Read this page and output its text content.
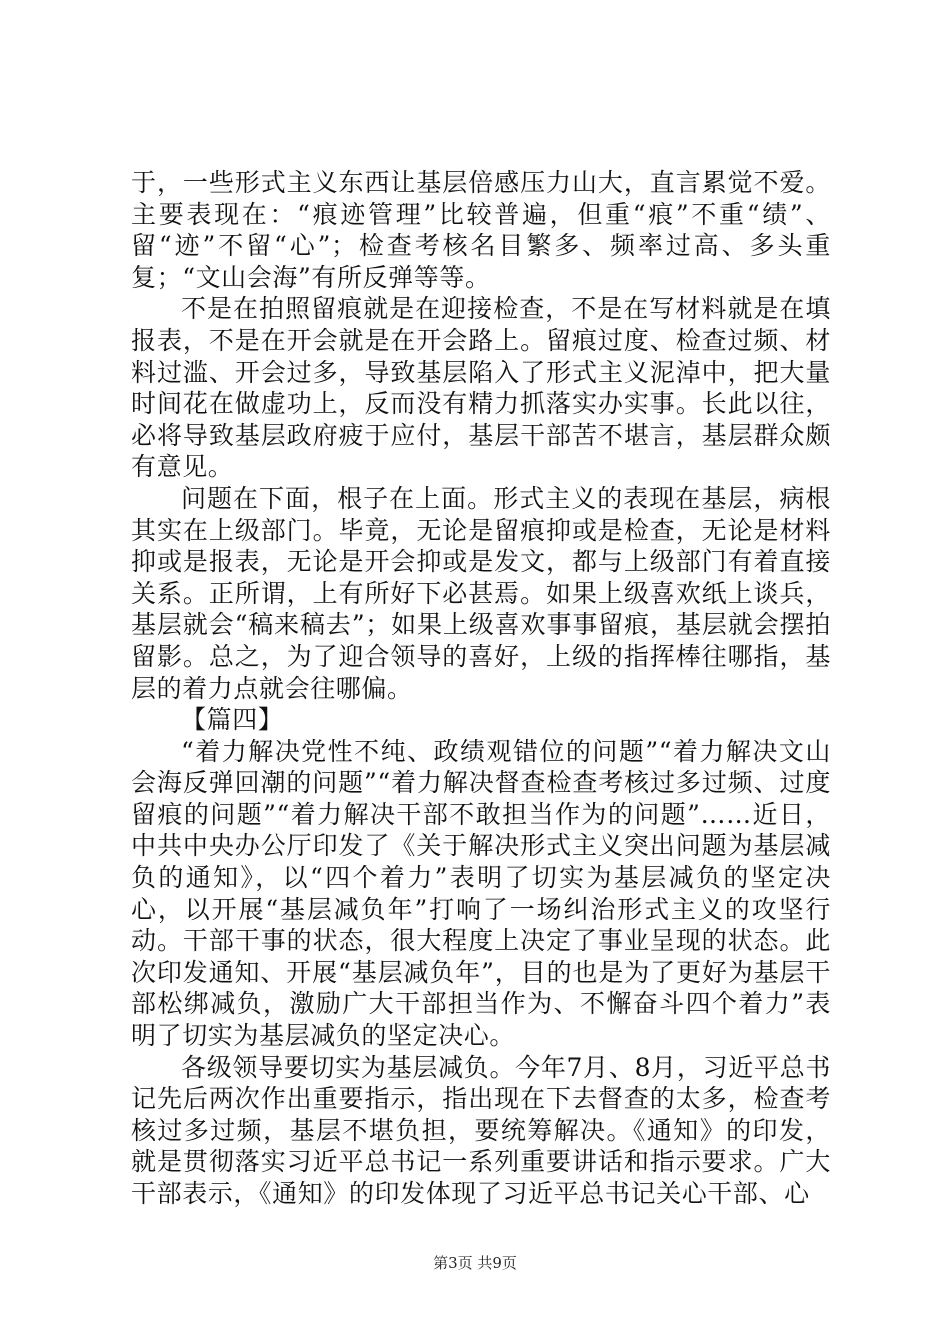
于，一些形式主义东西让基层倍感压力山大，直言累觉不爱。主要表现在：“痕迹管理”比较普遍，但重“痕”不重“绩”、留“迹”不留“心”；检查考核名目繁多、频率过高、多头重复；“文山会海”有所反弹等等。

不是在拍照留痕就是在迎接检查，不是在写材料就是在填报表，不是在开会就是在开会路上。留痕过度、检查过频、材料过滥、开会过多，导致基层陷入了形式主义泥淖中，把大量时间花在做虚功上，反而没有精力抓落实办实事。长此以往，必将导致基层政府疲于应付，基层干部苦不堪言，基层群众颇有意见。

问题在下面，根子在上面。形式主义的表现在基层，病根其实在上级部门。毕竟，无论是留痕抑或是检查，无论是材料抑或是报表，无论是开会抑或是发文，都与上级部门有着直接关系。正所谓，上有所好下必甚焉。如果上级喜欢纸上谈兵，基层就会“稿来稿去”；如果上级喜欢事事留痕，基层就会摆拍留影。总之，为了迎合领导的喜好，上级的指挥棒往哪指，基层的着力点就会往哪偏。

【篇四】

“着力解决党性不纯、政绩观错位的问题”“着力解决文山会海反弹回潮的问题”“着力解决督查检查考核过多过频、过度留痕的问题”“着力解决干部不敢担当作为的问题”……近日，中共中央办公厅印发了《关于解决形式主义突出问题为基层减负的通知》，以“四个着力”表明了切实为基层减负的坚定决心，以开展“基层减负年”打响了一场纠治形式主义的攻坚行动。干部干事的状态，很大程度上决定了事业呈现的状态。此次印发通知、开展“基层减负年”，目的也是为了更好为基层干部松绑减负，激励广大干部担当作为、不懈奋斗四个着力”表明了切实为基层减负的坚定决心。

各级领导要切实为基层减负。今年7月、8月，习近平总书记先后两次作出重要指示，指出现在下去督查的太多，检查考核过多过频，基层不堪负担，要统筹解决。《通知》的印发，就是贯彻落实习近平总书记一系列重要讲话和指示要求。广大干部表示，《通知》的印发体现了习近平总书记关心干部、心

第3页 共9页
